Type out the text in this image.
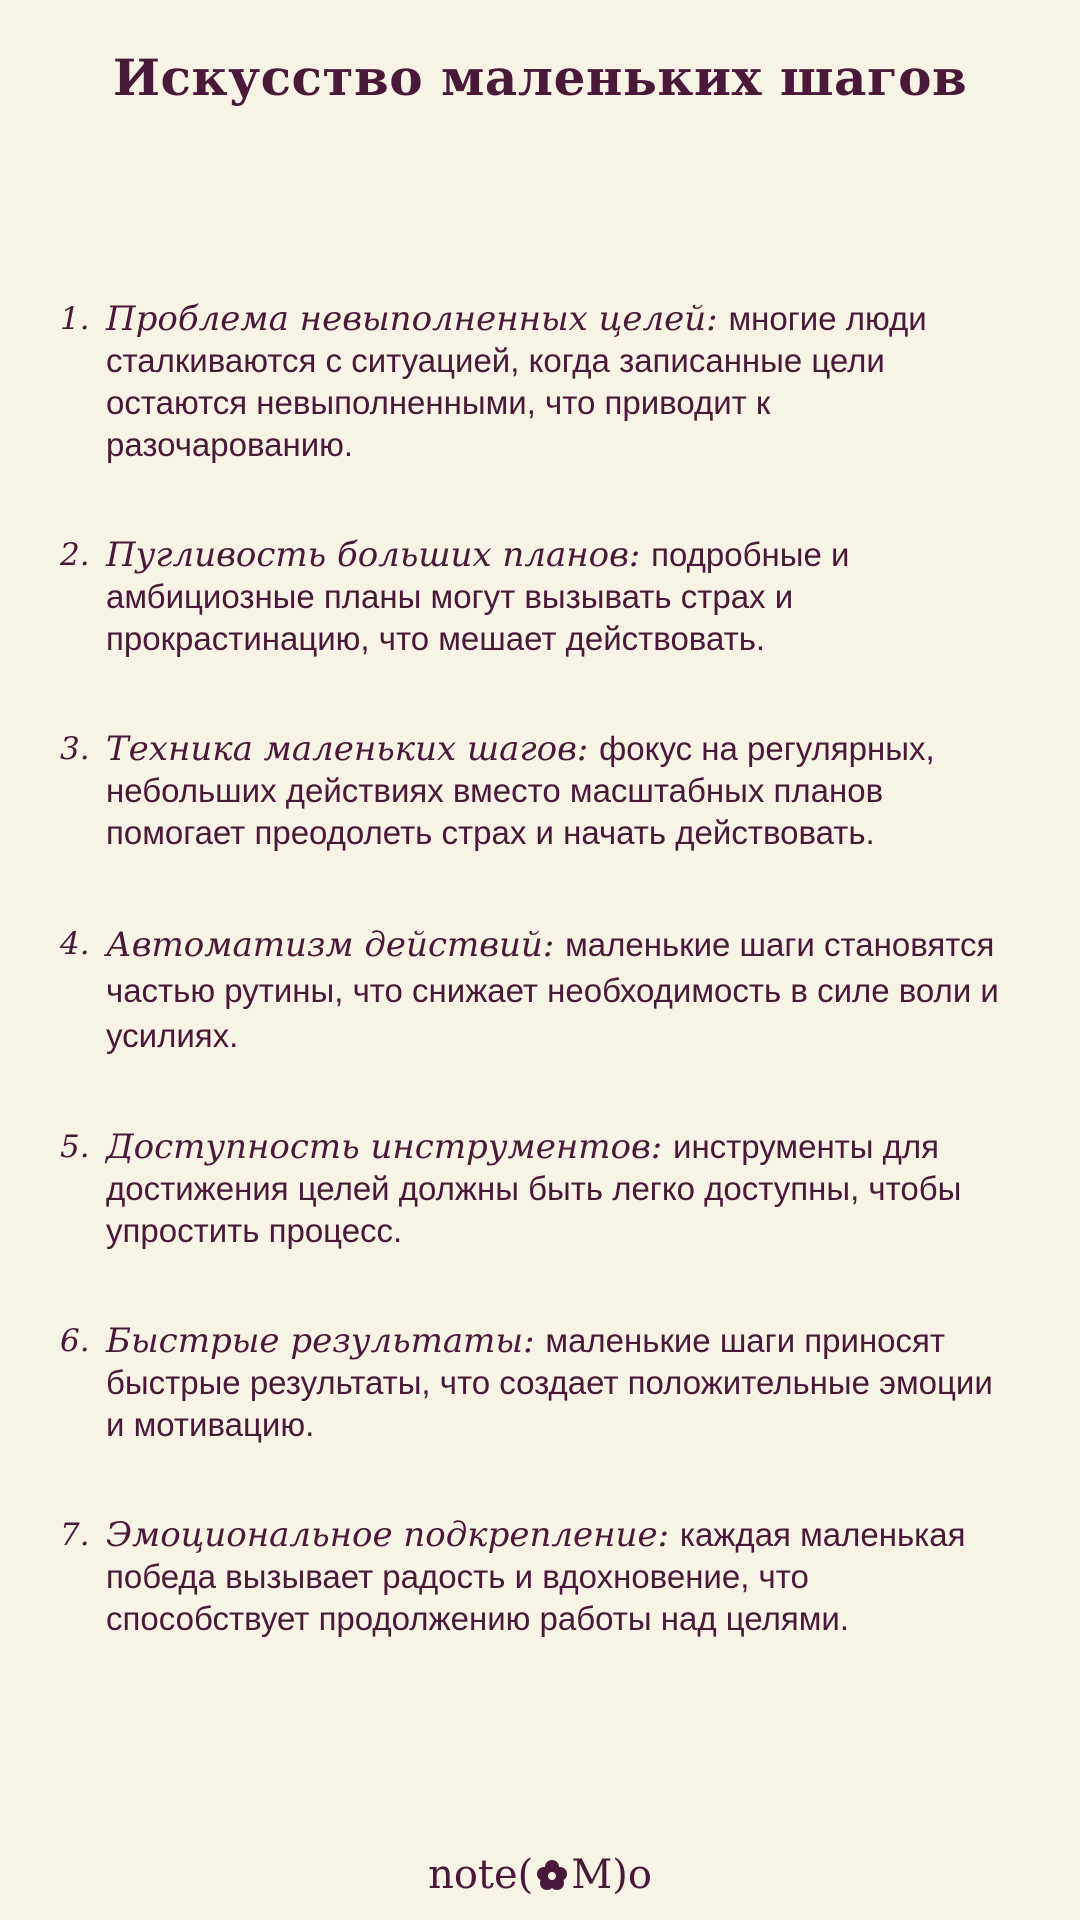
Искусство маленьких шагов
1. Проблема невыполненных целей: многие люди сталкиваются с ситуацией, когда записанные цели остаются невыполненными, что приводит к разочарованию.
2. Пугливость больших планов: подробные и амбициозные планы могут вызывать страх и прокрастинацию, что мешает действовать.
3. Техника маленьких шагов: фокус на регулярных, небольших действиях вместо масштабных планов помогает преодолеть страх и начать действовать.
4. Автоматизм действий: маленькие шаги становятся частью рутины, что снижает необходимость в силе воли и усилиях.
5. Доступность инструментов: инструменты для достижения целей должны быть легко доступны, чтобы упростить процесс.
6. Быстрые результаты: маленькие шаги приносят быстрые результаты, что создает положительные эмоции и мотивацию.
7. Эмоциональное подкрепление: каждая маленькая победа вызывает радость и вдохновение, что способствует продолжению работы над целями.
note( M)o
